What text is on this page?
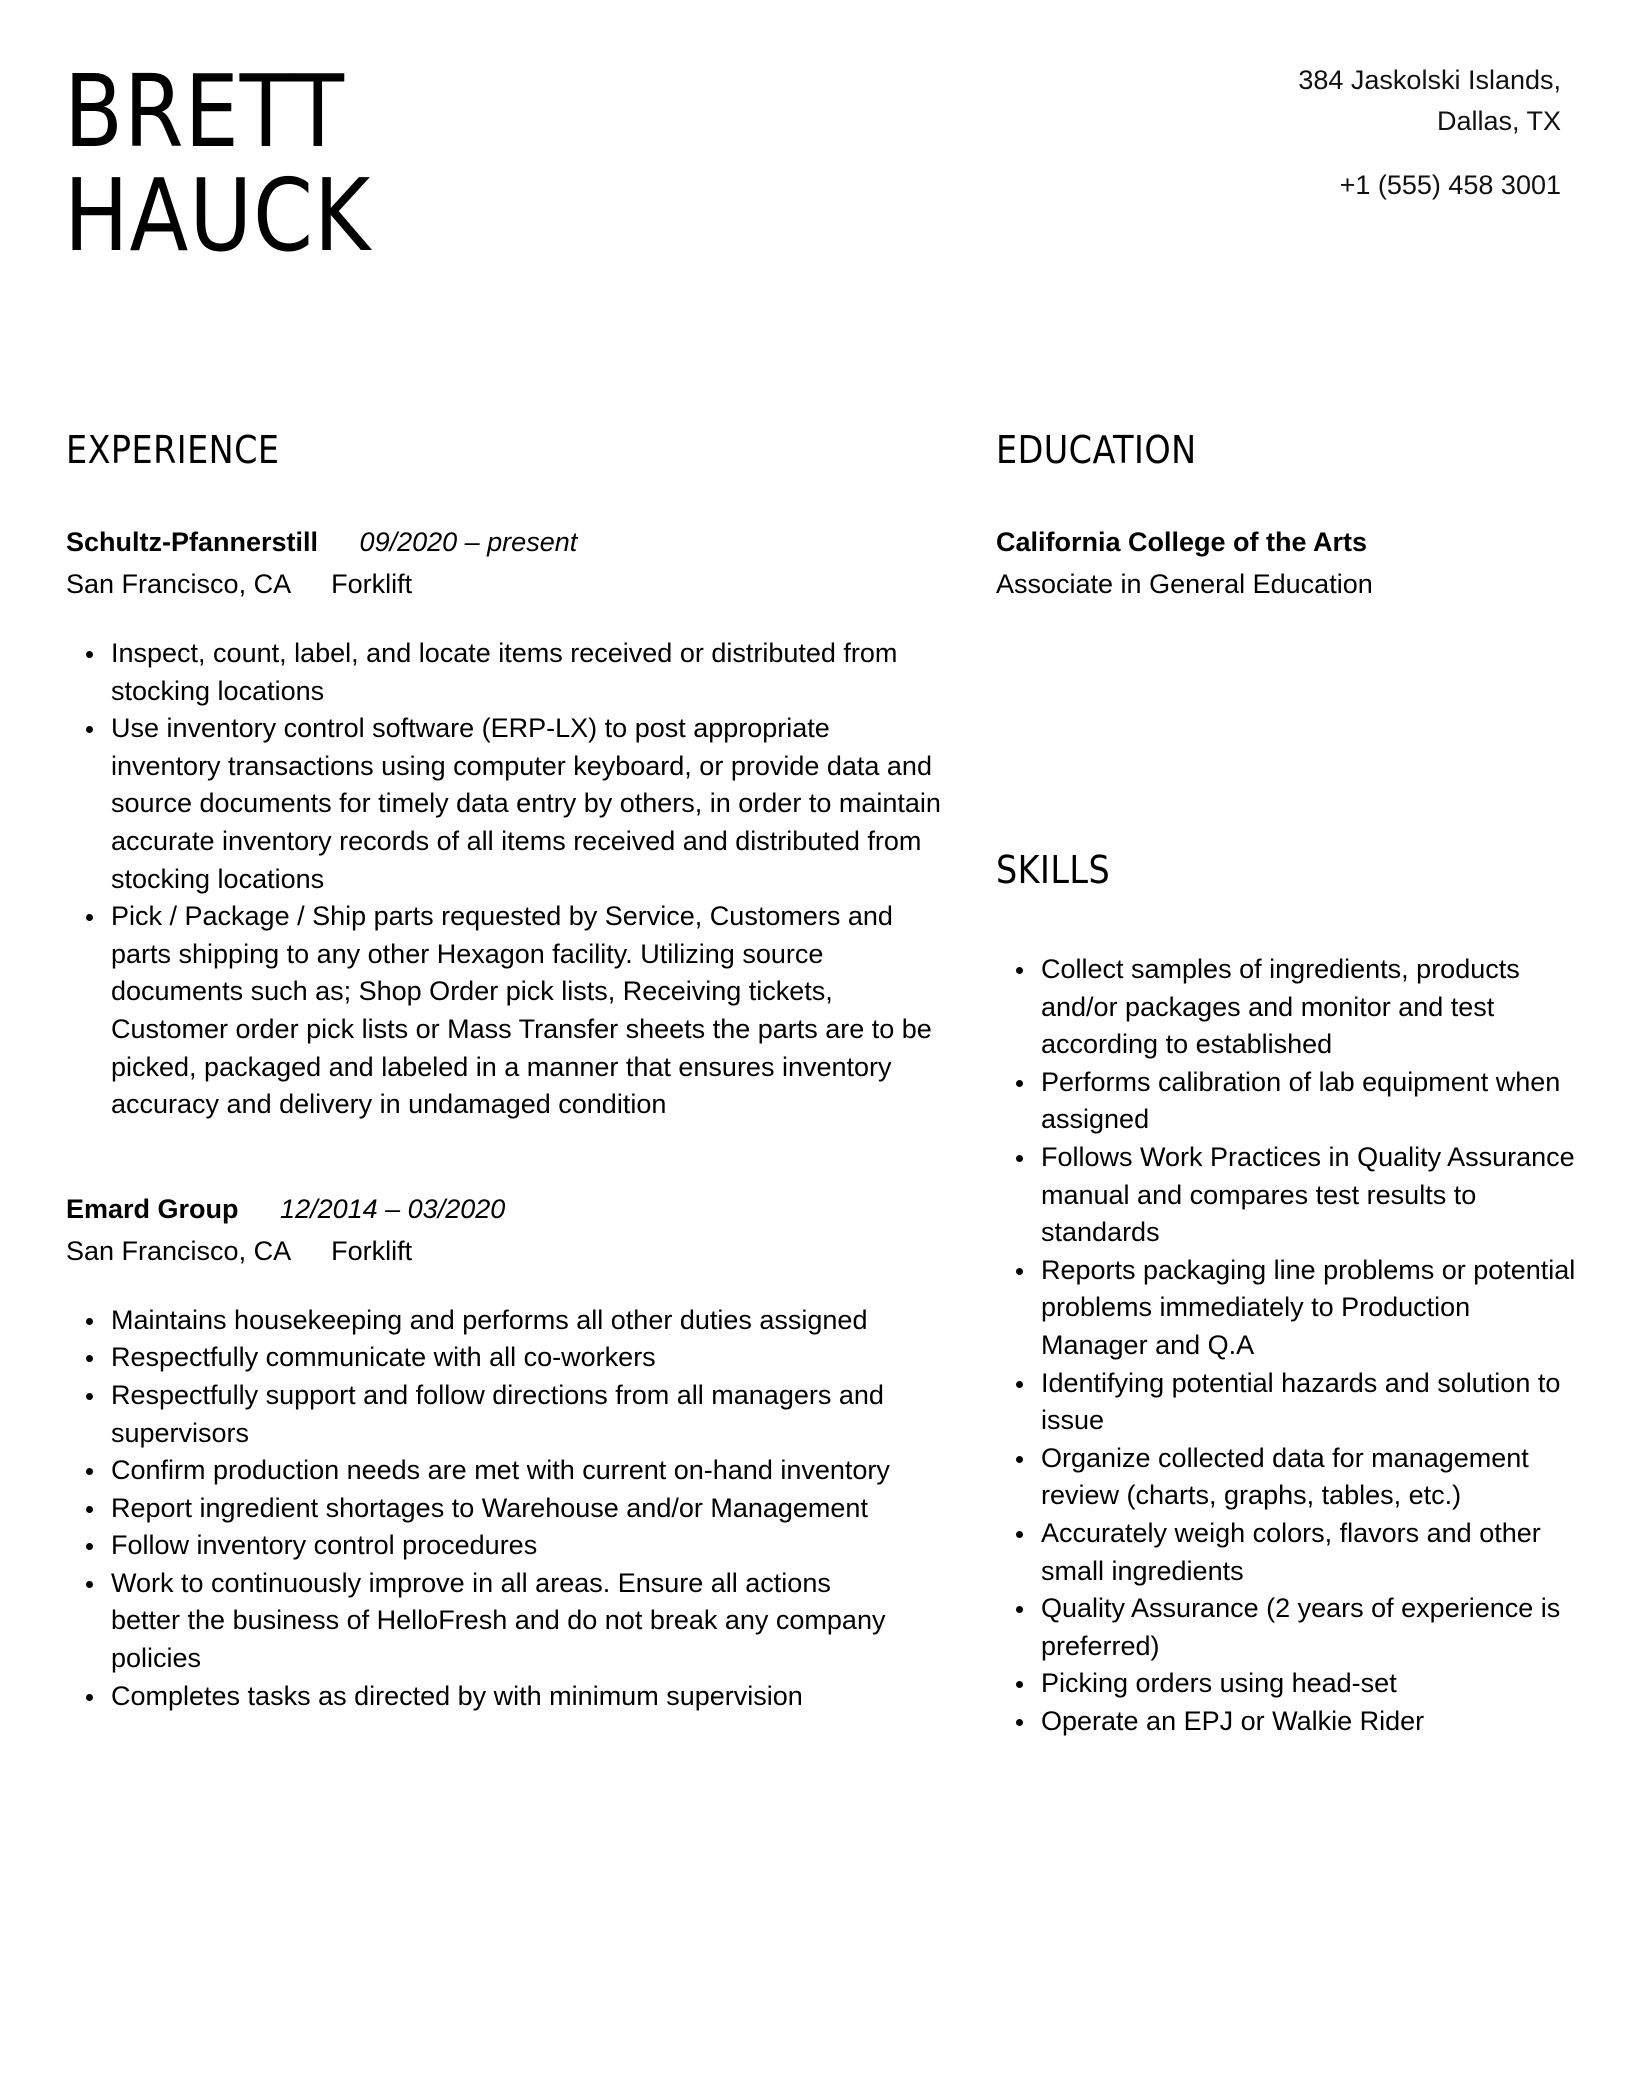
BRETT
HAUCK
384 Jaskolski Islands,
Dallas, TX
+1 (555) 458 3001
EXPERIENCE
Schultz-Pfannerstill 09/2020 – present
San Francisco, CA Forklift
Inspect, count, label, and locate items received or distributed from stocking locations
Use inventory control software (ERP-LX) to post appropriate inventory transactions using computer keyboard, or provide data and source documents for timely data entry by others, in order to maintain accurate inventory records of all items received and distributed from stocking locations
Pick / Package / Ship parts requested by Service, Customers and parts shipping to any other Hexagon facility. Utilizing source documents such as; Shop Order pick lists, Receiving tickets, Customer order pick lists or Mass Transfer sheets the parts are to be picked, packaged and labeled in a manner that ensures inventory accuracy and delivery in undamaged condition
Emard Group 12/2014 – 03/2020
San Francisco, CA Forklift
Maintains housekeeping and performs all other duties assigned
Respectfully communicate with all co-workers
Respectfully support and follow directions from all managers and supervisors
Confirm production needs are met with current on-hand inventory
Report ingredient shortages to Warehouse and/or Management
Follow inventory control procedures
Work to continuously improve in all areas. Ensure all actions better the business of HelloFresh and do not break any company policies
Completes tasks as directed by with minimum supervision
EDUCATION
California College of the Arts
Associate in General Education
SKILLS
Collect samples of ingredients, products and/or packages and monitor and test according to established
Performs calibration of lab equipment when assigned
Follows Work Practices in Quality Assurance manual and compares test results to standards
Reports packaging line problems or potential problems immediately to Production Manager and Q.A
Identifying potential hazards and solution to issue
Organize collected data for management review (charts, graphs, tables, etc.)
Accurately weigh colors, flavors and other small ingredients
Quality Assurance (2 years of experience is preferred)
Picking orders using head-set
Operate an EPJ or Walkie Rider
